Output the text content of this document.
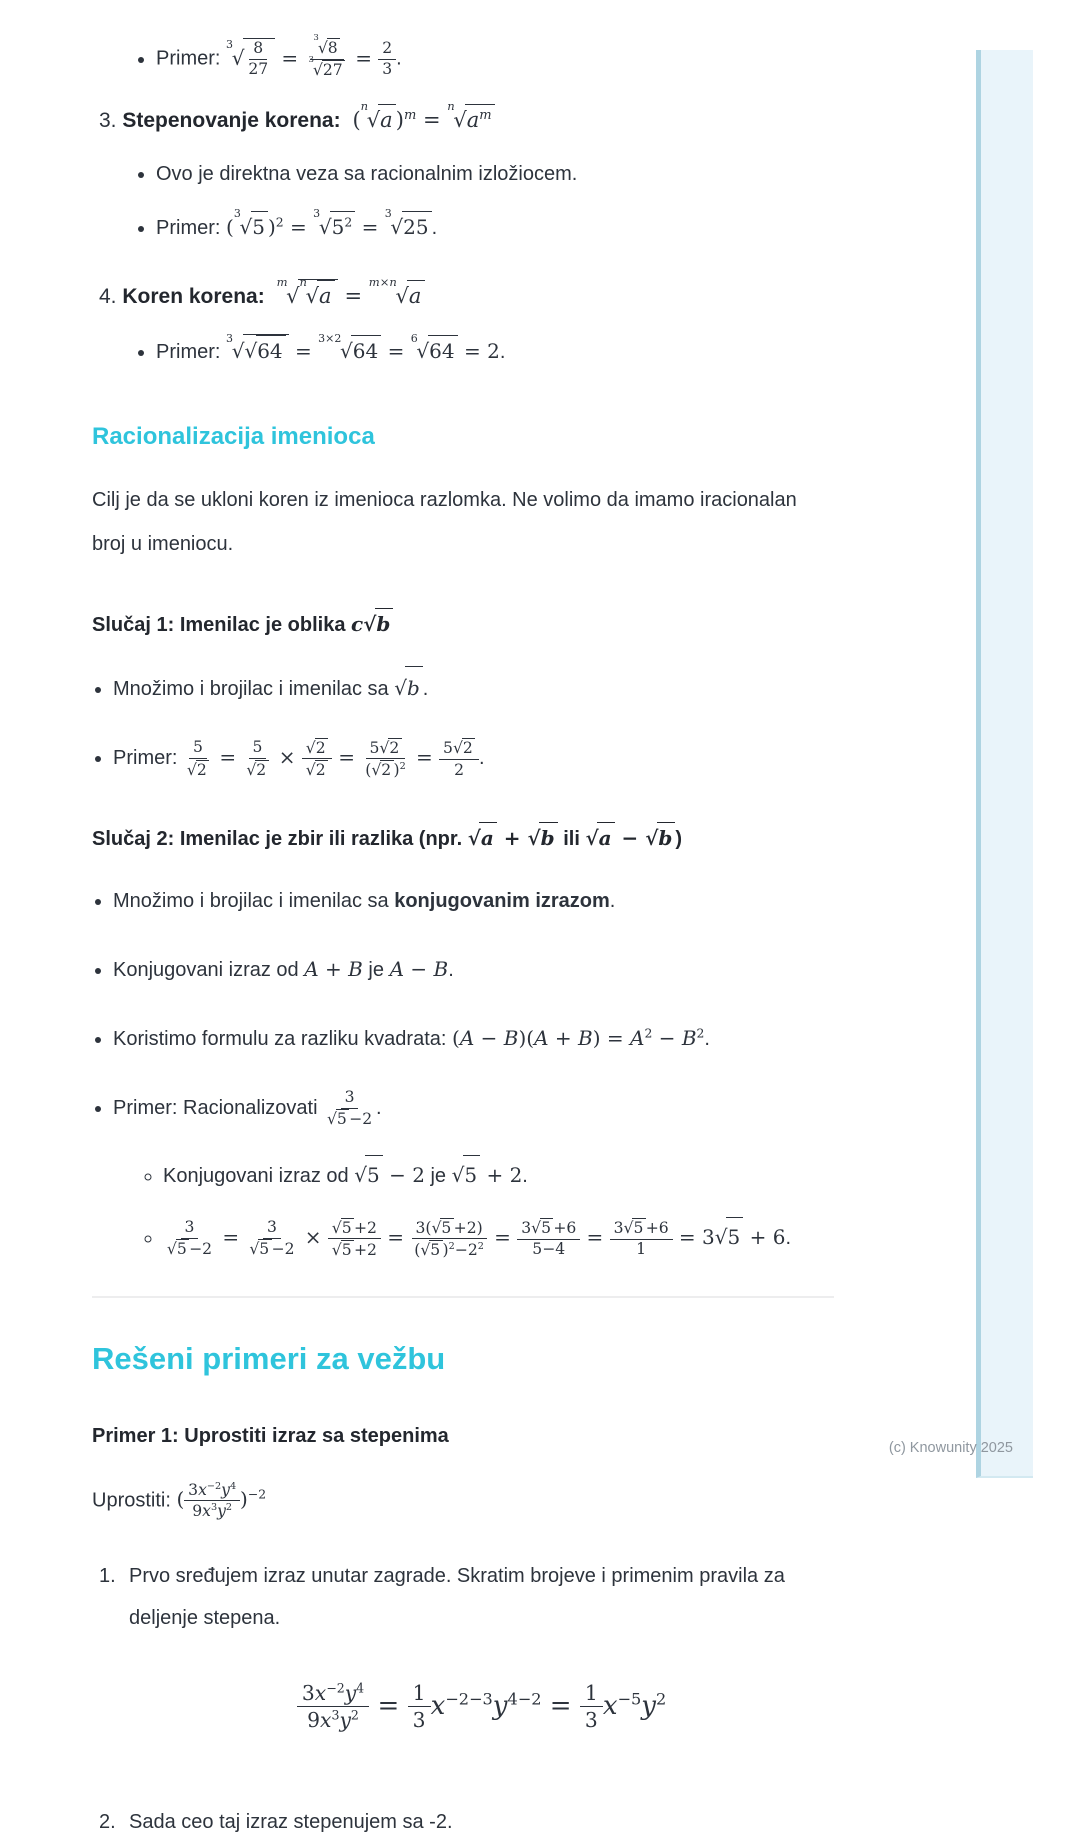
• Primer: $^3√ \frac{8}{27} = \frac{^3√8}{^3√27} = \frac{2}{3}$ .
3. Stepenovanje korena: ($^n$√a )$^m = ^n√a^m$
• Ovo je direktna veza sa racionalnim izložiocem.
• Primer: ($^3$√5 )$^2 = ^3√5^2 = ^3√25$ .
4. Koren korena: $^m$√$^n$√a = $^{m\times n}$√a
• Primer: $^3$√√64 = $^{3\times 2}$√64 = $^6$√64 = 2.
Racionalizacija imenioca

Cilj je da se ukloni koren iz imenioca razlomka. Ne volimo da imamo iracionalan broj u imeniocu.

Slučaj 1: Imenilac je oblika c√b
• Množimo i brojilac i imenilac sa √b .
• Primer: $\frac{5}{√2} = \frac{5}{√2} \times \frac{√2}{√2} = \frac{5√2}{(√2 )^2} = \frac{5√2}{2}$ .
Slučaj 2: Imenilac je zbir ili razlika (npr. √a + √b ili √a − √b )
• Množimo i brojilac i imenilac sa konjugovanim izrazom.
• Konjugovani izraz od A + B je A − B.
• Koristimo formulu za razliku kvadrata: $(A - B)(A + B) = A^2 - B^2$.
• Primer: Racionalizovati $\frac{3}{√5 -2}$ .
◦ Konjugovani izraz od √5 − 2 je √5 + 2.
◦ $\frac{3}{√5 -2} = \frac{3}{√5 -2} \times \frac{√5 +2}{√5 +2} = \frac{3(√5 +2)}{(√5 )^2-2^2} = \frac{3√5 +6}{5-4} = \frac{3√5 +6}{1} = 3√5 + 6$.
Rešeni primeri za vežbu
Primer 1: Uprostiti izraz sa stepenima

Uprostiti: ( $\frac{3x^{-2}y^4}{9x^3y^2} )^{-2}$

1. Prvo sređujem izraz unutar zagrade. Skratim brojeve i primenim pravila za deljenje stepena.
$\frac{3x^{-2}y^4}{9x^3y^2} = \frac{1}{3} x^{-2-3}y^{4-2} = \frac{1}{3} x^{-5}y^2$
2. Sada ceo taj izraz stepenujem sa -2.
(c) Knowunity 2025
